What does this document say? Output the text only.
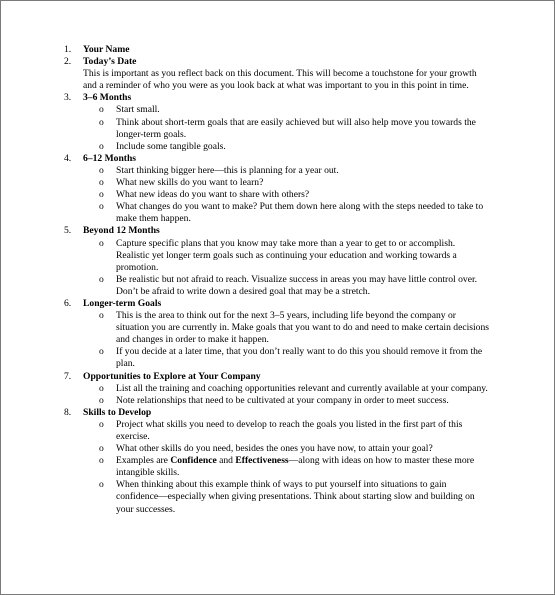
1. Your Name
2. Today’s Date
This is important as you reflect back on this document. This will become a touchstone for your growth and a reminder of who you were as you look back at what was important to you in this point in time.
3. 3–6 Months
o Start small.
o Think about short-term goals that are easily achieved but will also help move you towards the longer-term goals.
o Include some tangible goals.
4. 6–12 Months
o Start thinking bigger here—this is planning for a year out.
o What new skills do you want to learn?
o What new ideas do you want to share with others?
o What changes do you want to make? Put them down here along with the steps needed to take to make them happen.
5. Beyond 12 Months
o Capture specific plans that you know may take more than a year to get to or accomplish. Realistic yet longer term goals such as continuing your education and working towards a promotion.
o Be realistic but not afraid to reach. Visualize success in areas you may have little control over. Don’t be afraid to write down a desired goal that may be a stretch.
6. Longer-term Goals
o This is the area to think out for the next 3–5 years, including life beyond the company or situation you are currently in. Make goals that you want to do and need to make certain decisions and changes in order to make it happen.
o If you decide at a later time, that you don’t really want to do this you should remove it from the plan.
7. Opportunities to Explore at Your Company
o List all the training and coaching opportunities relevant and currently available at your company.
o Note relationships that need to be cultivated at your company in order to meet success.
8. Skills to Develop
o Project what skills you need to develop to reach the goals you listed in the first part of this exercise.
o What other skills do you need, besides the ones you have now, to attain your goal?
o Examples are Confidence and Effectiveness—along with ideas on how to master these more intangible skills.
o When thinking about this example think of ways to put yourself into situations to gain confidence—especially when giving presentations. Think about starting slow and building on your successes.
